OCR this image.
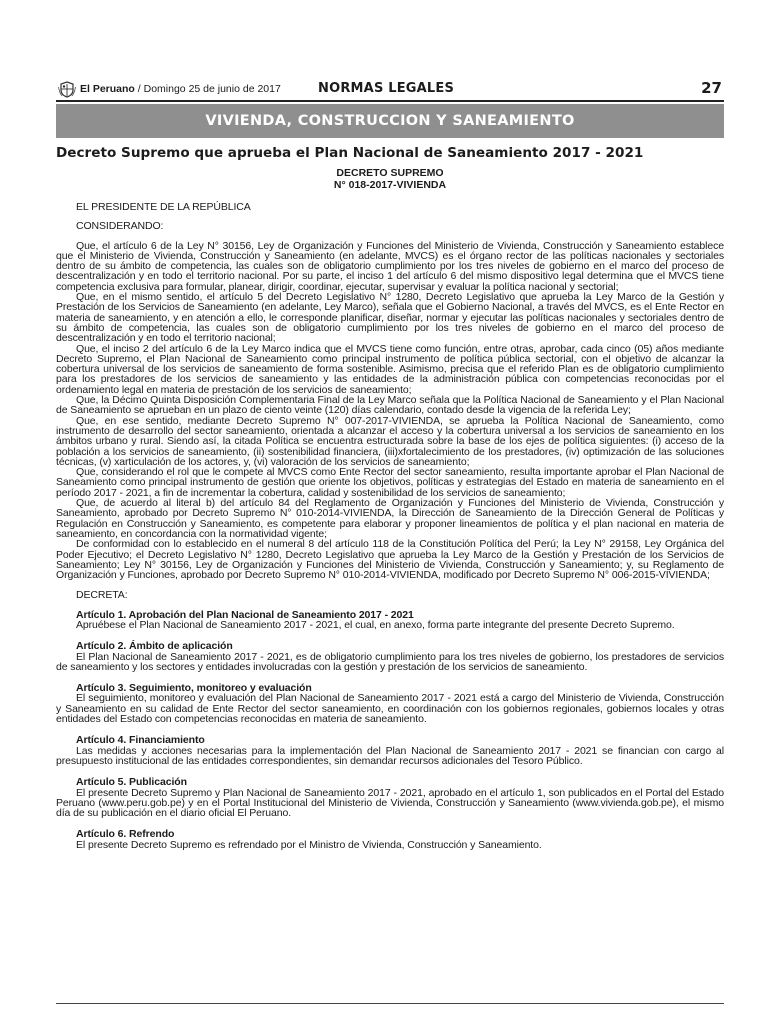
El Peruano / Domingo 25 de junio de 2017	NORMAS LEGALES	27
VIVIENDA, CONSTRUCCION Y SANEAMIENTO
Decreto Supremo que aprueba el Plan Nacional de Saneamiento 2017 - 2021
DECRETO SUPREMO
N° 018-2017-VIVIENDA

EL PRESIDENTE DE LA REPÚBLICA

CONSIDERANDO:

Que, el artículo 6 de la Ley N° 30156, Ley de Organización y Funciones del Ministerio de Vivienda, Construcción y Saneamiento establece que el Ministerio de Vivienda, Construcción y Saneamiento (en adelante, MVCS) es el órgano rector de las políticas nacionales y sectoriales dentro de su ámbito de competencia, las cuales son de obligatorio cumplimiento por los tres niveles de gobierno en el marco del proceso de descentralización y en todo el territorio nacional. Por su parte, el inciso 1 del artículo 6 del mismo dispositivo legal determina que el MVCS tiene competencia exclusiva para formular, planear, dirigir, coordinar, ejecutar, supervisar y evaluar la política nacional y sectorial;

Que, en el mismo sentido, el artículo 5 del Decreto Legislativo N° 1280, Decreto Legislativo que aprueba la Ley Marco de la Gestión y Prestación de los Servicios de Saneamiento (en adelante, Ley Marco), señala que el Gobierno Nacional, a través del MVCS, es el Ente Rector en materia de saneamiento, y en atención a ello, le corresponde planificar, diseñar, normar y ejecutar las políticas nacionales y sectoriales dentro de su ámbito de competencia, las cuales son de obligatorio cumplimiento por los tres niveles de gobierno en el marco del proceso de descentralización y en todo el territorio nacional;

Que, el inciso 2 del artículo 6 de la Ley Marco indica que el MVCS tiene como función, entre otras, aprobar, cada cinco (05) años mediante Decreto Supremo, el Plan Nacional de Saneamiento como principal instrumento de política pública sectorial, con el objetivo de alcanzar la cobertura universal de los servicios de saneamiento de forma sostenible. Asimismo, precisa que el referido Plan es de obligatorio cumplimiento para los prestadores de los servicios de saneamiento y las entidades de la administración pública con competencias reconocidas por el ordenamiento legal en materia de prestación de los servicios de saneamiento;

Que, la Décimo Quinta Disposición Complementaria Final de la Ley Marco señala que la Política Nacional de Saneamiento y el Plan Nacional de Saneamiento se aprueban en un plazo de ciento veinte (120) días calendario, contado desde la vigencia de la referida Ley;

Que, en ese sentido, mediante Decreto Supremo N° 007-2017-VIVIENDA, se aprueba la Política Nacional de Saneamiento, como instrumento de desarrollo del sector saneamiento, orientada a alcanzar el acceso y la cobertura universal a los servicios de saneamiento en los ámbitos urbano y rural. Siendo así, la citada Política se encuentra estructurada sobre la base de los ejes de política siguientes: (i) acceso de la población a los servicios de saneamiento, (ii) sostenibilidad financiera, (iii)xfortalecimiento de los prestadores, (iv) optimización de las soluciones técnicas, (v) xarticulación de los actores, y, (vi) valoración de los servicios de saneamiento;

Que, considerando el rol que le compete al MVCS como Ente Rector del sector saneamiento, resulta importante aprobar el Plan Nacional de Saneamiento como principal instrumento de gestión que oriente los objetivos, políticas y estrategias del Estado en materia de saneamiento en el período 2017 - 2021, a fin de incrementar la cobertura, calidad y sostenibilidad de los servicios de saneamiento;

Que, de acuerdo al literal b) del artículo 84 del Reglamento de Organización y Funciones del Ministerio de Vivienda, Construcción y Saneamiento, aprobado por Decreto Supremo N° 010-2014-VIVIENDA, la Dirección de Saneamiento de la Dirección General de Políticas y Regulación en Construcción y Saneamiento, es competente para elaborar y proponer lineamientos de política y el plan nacional en materia de saneamiento, en concordancia con la normatividad vigente;

De conformidad con lo establecido en el numeral 8 del artículo 118 de la Constitución Política del Perú; la Ley N° 29158, Ley Orgánica del Poder Ejecutivo; el Decreto Legislativo N° 1280, Decreto Legislativo que aprueba la Ley Marco de la Gestión y Prestación de los Servicios de Saneamiento; Ley N° 30156, Ley de Organización y Funciones del Ministerio de Vivienda, Construcción y Saneamiento; y, su Reglamento de Organización y Funciones, aprobado por Decreto Supremo N° 010-2014-VIVIENDA, modificado por Decreto Supremo N° 006-2015-VIVIENDA;

DECRETA:

Artículo 1. Aprobación del Plan Nacional de Saneamiento 2017 - 2021

Apruébese el Plan Nacional de Saneamiento 2017 - 2021, el cual, en anexo, forma parte integrante del presente Decreto Supremo.

Artículo 2. Ámbito de aplicación

El Plan Nacional de Saneamiento 2017 - 2021, es de obligatorio cumplimiento para los tres niveles de gobierno, los prestadores de servicios de saneamiento y los sectores y entidades involucradas con la gestión y prestación de los servicios de saneamiento.

Artículo 3. Seguimiento, monitoreo y evaluación

El seguimiento, monitoreo y evaluación del Plan Nacional de Saneamiento 2017 - 2021 está a cargo del Ministerio de Vivienda, Construcción y Saneamiento en su calidad de Ente Rector del sector saneamiento, en coordinación con los gobiernos regionales, gobiernos locales y otras entidades del Estado con competencias reconocidas en materia de saneamiento.

Artículo 4. Financiamiento

Las medidas y acciones necesarias para la implementación del Plan Nacional de Saneamiento 2017 - 2021 se financian con cargo al presupuesto institucional de las entidades correspondientes, sin demandar recursos adicionales del Tesoro Público.

Artículo 5. Publicación

El presente Decreto Supremo y Plan Nacional de Saneamiento 2017 - 2021, aprobado en el artículo 1, son publicados en el Portal del Estado Peruano (www.peru.gob.pe) y en el Portal Institucional del Ministerio de Vivienda, Construcción y Saneamiento (www.vivienda.gob.pe), el mismo día de su publicación en el diario oficial El Peruano.

Artículo 6. Refrendo

El presente Decreto Supremo es refrendado por el Ministro de Vivienda, Construcción y Saneamiento.
